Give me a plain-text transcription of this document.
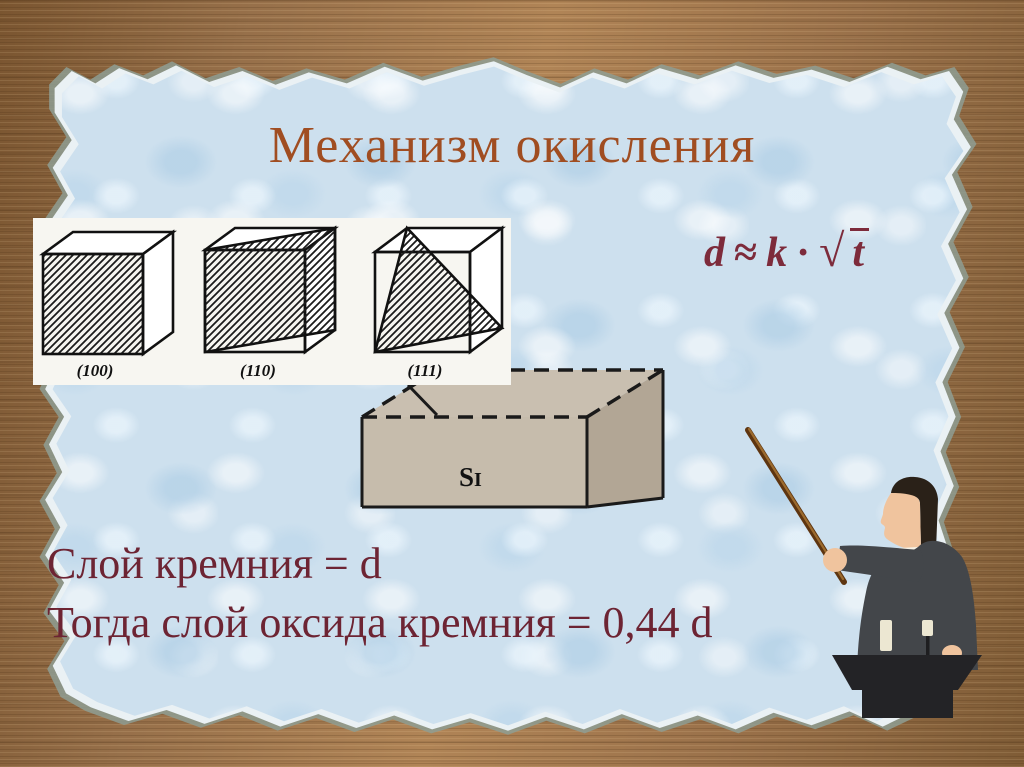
Механизм окисления
d ≈ k · √ t
(100)	(110)	(111)
SI
Слой кремния = d
Тогда слой оксида кремния = 0,44 d
